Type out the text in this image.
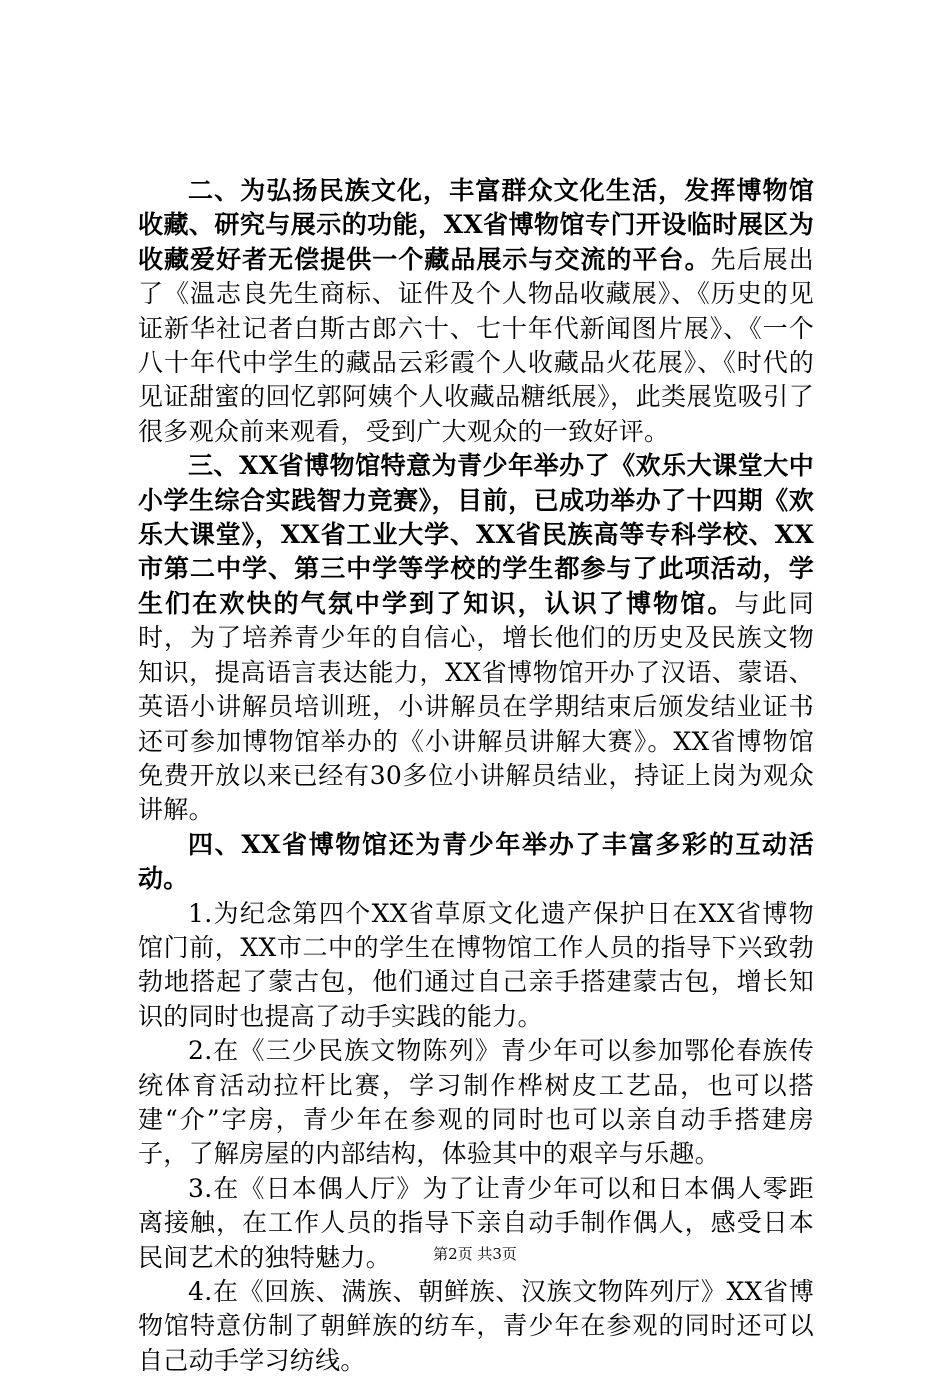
二、为弘扬民族文化，丰富群众文化生活，发挥博物馆收藏、研究与展示的功能，XX省博物馆专门开设临时展区为收藏爱好者无偿提供一个藏品展示与交流的平台。先后展出了《温志良先生商标、证件及个人物品收藏展》、《历史的见证新华社记者白斯古郎六十、七十年代新闻图片展》、《一个八十年代中学生的藏品云彩霞个人收藏品火花展》、《时代的见证甜蜜的回忆郭阿姨个人收藏品糖纸展》，此类展览吸引了很多观众前来观看，受到广大观众的一致好评。

三、XX省博物馆特意为青少年举办了《欢乐大课堂大中小学生综合实践智力竞赛》，目前，已成功举办了十四期《欢乐大课堂》，XX省工业大学、XX省民族高等专科学校、XX市第二中学、第三中学等学校的学生都参与了此项活动，学生们在欢快的气氛中学到了知识，认识了博物馆。与此同时，为了培养青少年的自信心，增长他们的历史及民族文物知识，提高语言表达能力，XX省博物馆开办了汉语、蒙语、英语小讲解员培训班，小讲解员在学期结束后颁发结业证书还可参加博物馆举办的《小讲解员讲解大赛》。XX省博物馆免费开放以来已经有30多位小讲解员结业，持证上岗为观众讲解。

四、XX省博物馆还为青少年举办了丰富多彩的互动活动。

1.为纪念第四个XX省草原文化遗产保护日在XX省博物馆门前，XX市二中的学生在博物馆工作人员的指导下兴致勃勃地搭起了蒙古包，他们通过自己亲手搭建蒙古包，增长知识的同时也提高了动手实践的能力。

2.在《三少民族文物陈列》青少年可以参加鄂伦春族传统体育活动拉杆比赛，学习制作桦树皮工艺品，也可以搭建“介”字房，青少年在参观的同时也可以亲自动手搭建房子，了解房屋的内部结构，体验其中的艰辛与乐趣。

3.在《日本偶人厅》为了让青少年可以和日本偶人零距离接触，在工作人员的指导下亲自动手制作偶人，感受日本民间艺术的独特魅力。

4.在《回族、满族、朝鲜族、汉族文物阵列厅》XX省博物馆特意仿制了朝鲜族的纺车，青少年在参观的同时还可以自己动手学习纺线。

第2页 共3页
